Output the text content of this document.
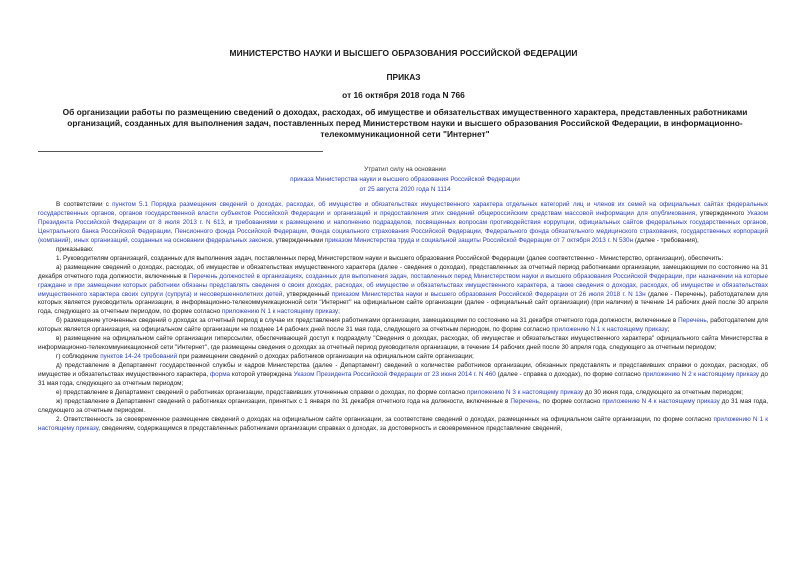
МИНИСТЕРСТВО НАУКИ И ВЫСШЕГО ОБРАЗОВАНИЯ РОССИЙСКОЙ ФЕДЕРАЦИИ
ПРИКАЗ
от 16 октября 2018 года N 766
Об организации работы по размещению сведений о доходах, расходах, об имуществе и обязательствах имущественного характера, представленных работниками организаций, созданных для выполнения задач, поставленных перед Министерством науки и высшего образования Российской Федерации, в информационно-телекоммуникационной сети "Интернет"
Утратил силу на основании
приказа Министерства науки и высшего образования Российской Федерации
от 25 августа 2020 года N 1114

В соответствии с пунктом 5.1 Порядка размещения сведений о доходах, расходах, об имуществе и обязательствах имущественного характера отдельных категорий лиц и членов их семей на официальных сайтах федеральных государственных органов, органов государственной власти субъектов Российской Федерации и организаций и предоставления этих сведений общероссийским средствам массовой информации для опубликования, утвержденного Указом Президента Российской Федерации от 8 июля 2013 г. N 613, и требованиями к размещению и наполнению подразделов, посвященных вопросам противодействия коррупции, официальных сайтов федеральных государственных органов, Центрального банка Российской Федерации, Пенсионного фонда Российской Федерации, Фонда социального страхования Российской Федерации, Федерального фонда обязательного медицинского страхования, государственных корпораций (компаний), иных организаций, созданных на основании федеральных законов, утвержденными приказом Министерства труда и социальной защиты Российской Федерации от 7 октября 2013 г. N 530н (далее - требования),

приказываю:

1. Руководителям организаций, созданных для выполнения задач, поставленных перед Министерством науки и высшего образования Российской Федерации (далее соответственно - Министерство, организации), обеспечить:

а) размещение сведений о доходах, расходах, об имуществе и обязательствах имущественного характера (далее - сведения о доходах), представленных за отчетный период работниками организации, замещающими по состоянию на 31 декабря отчетного года должности, включенные в Перечень должностей в организациях, созданных для выполнения задач, поставленных перед Министерством науки и высшего образования Российской Федерации, при назначении на которые граждане и при замещении которых работники обязаны представлять сведения о своих доходах, расходах, об имуществе и обязательствах имущественного характера, а также сведения о доходах, расходах, об имуществе и обязательствах имущественного характера своих супруги (супруга) и несовершеннолетних детей, утвержденный приказом Министерства науки и высшего образования Российской Федерации от 26 июля 2018 г. N 13н (далее - Перечень), работодателем для которых является руководитель организации, в информационно-телекоммуникационной сети "Интернет" на официальном сайте организации (далее - официальный сайт организации) (при наличии) в течение 14 рабочих дней после 30 апреля года, следующего за отчетным периодом, по форме согласно приложению N 1 к настоящему приказу;

б) размещение уточненных сведений о доходах за отчетный период в случае их представления работниками организации, замещающими по состоянию на 31 декабря отчетного года должности, включенные в Перечень, работодателем для которых является организация, на официальном сайте организации не позднее 14 рабочих дней после 31 мая года, следующего за отчетным периодом, по форме согласно приложению N 1 к настоящему приказу;

в) размещение на официальном сайте организации гиперссылки, обеспечивающей доступ к подразделу "Сведения о доходах, расходах, об имуществе и обязательствах имущественного характера" официального сайта Министерства в информационно-телекоммуникационной сети "Интернет", где размещены сведения о доходах за отчетный период руководителя организации, в течение 14 рабочих дней после 30 апреля года, следующего за отчетным периодом;

г) соблюдение пунктов 14-24 требований при размещении сведений о доходах работников организации на официальном сайте организации;

д) представление в Департамент государственной службы и кадров Министерства (далее - Департамент) сведений о количестве работников организации, обязанных представлять и представивших справки о доходах, расходах, об имуществе и обязательствах имущественного характера, форма которой утверждена Указом Президента Российской Федерации от 23 июня 2014 г. N 460 (далее - справка о доходах), по форме согласно приложению N 2 к настоящему приказу до 31 мая года, следующего за отчетным периодом;

е) представление в Департамент сведений о работниках организации, представивших уточненные справки о доходах, по форме согласно приложению N 3 к настоящему приказу до 30 июня года, следующего за отчетным периодом;

ж) представление в Департамент сведений о работниках организации, принятых с 1 января по 31 декабря отчетного года на должности, включенные в Перечень, по форме согласно приложению N 4 к настоящему приказу до 31 мая года, следующего за отчетным периодом.

2. Ответственность за своевременное размещение сведений о доходах на официальном сайте организации, за соответствие сведений о доходах, размещенных на официальном сайте организации, по форме согласно приложению N 1 к настоящему приказу, сведениям, содержащимся в представленных работниками организации справках о доходах, за достоверность и своевременное представление сведений,
